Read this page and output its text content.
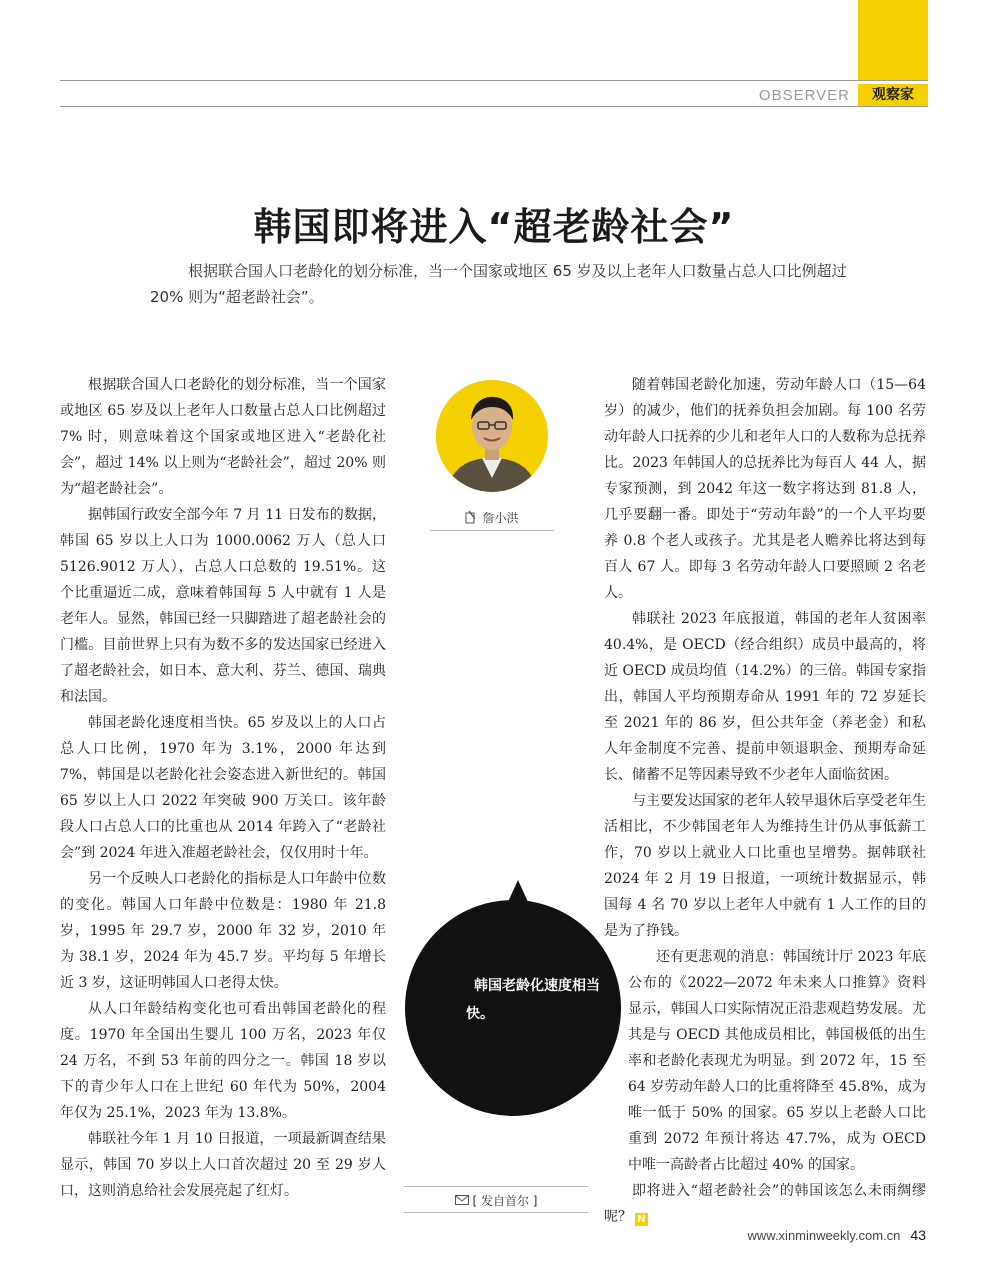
OBSERVER	观察家
韩国即将进入“超老龄社会”
根据联合国人口老龄化的划分标准，当一个国家或地区 65 岁及以上老年人口数量占总人口比例超过 20% 则为“超老龄社会”。

根据联合国人口老龄化的划分标准，当一个国家或地区 65 岁及以上老年人口数量占总人口比例超过 7% 时，则意味着这个国家或地区进入“老龄化社会”，超过 14% 以上则为“老龄社会”，超过 20% 则为“超老龄社会”。

据韩国行政安全部今年 7 月 11 日发布的数据，韩国 65 岁以上人口为 1000.0062 万人（总人口 5126.9012 万人），占总人口总数的 19.51%。这个比重逼近二成，意味着韩国每 5 人中就有 1 人是老年人。显然，韩国已经一只脚踏进了超老龄社会的门槛。目前世界上只有为数不多的发达国家已经进入了超老龄社会，如日本、意大利、芬兰、德国、瑞典和法国。

韩国老龄化速度相当快。65 岁及以上的人口占总人口比例，1970 年为 3.1%，2000 年达到 7%，韩国是以老龄化社会姿态进入新世纪的。韩国 65 岁以上人口 2022 年突破 900 万关口。该年龄段人口占总人口的比重也从 2014 年跨入了“老龄社会”到 2024 年进入准超老龄社会，仅仅用时十年。

另一个反映人口老龄化的指标是人口年龄中位数的变化。韩国人口年龄中位数是：1980 年 21.8 岁，1995 年 29.7 岁，2000 年 32 岁，2010 年为 38.1 岁，2024 年为 45.7 岁。平均每 5 年增长近 3 岁，这证明韩国人口老得太快。

从人口年龄结构变化也可看出韩国老龄化的程度。1970 年全国出生婴儿 100 万名，2023 年仅 24 万名，不到 53 年前的四分之一。韩国 18 岁以下的青少年人口在上世纪 60 年代为 50%，2004 年仅为 25.1%，2023 年为 13.8%。

韩联社今年 1 月 10 日报道，一项最新调查结果显示，韩国 70 岁以上人口首次超过 20 至 29 岁人口，这则消息给社会发展亮起了红灯。

詹小洪
韩国老龄化速度相当快。

随着韩国老龄化加速，劳动年龄人口（15—64 岁）的减少，他们的抚养负担会加剧。每 100 名劳动年龄人口抚养的少儿和老年人口的人数称为总抚养比。2023 年韩国人的总抚养比为每百人 44 人，据专家预测，到 2042 年这一数字将达到 81.8 人，几乎要翻一番。即处于“劳动年龄”的一个人平均要养 0.8 个老人或孩子。尤其是老人赡养比将达到每百人 67 人。即每 3 名劳动年龄人口要照顾 2 名老人。

韩联社 2023 年底报道，韩国的老年人贫困率 40.4%，是 OECD（经合组织）成员中最高的，将近 OECD 成员均值（14.2%）的三倍。韩国专家指出，韩国人平均预期寿命从 1991 年的 72 岁延长至 2021 年的 86 岁，但公共年金（养老金）和私人年金制度不完善、提前申领退职金、预期寿命延长、储蓄不足等因素导致不少老年人面临贫困。

与主要发达国家的老年人较早退休后享受老年生活相比，不少韩国老年人为维持生计仍从事低薪工作，70 岁以上就业人口比重也呈增势。据韩联社 2024 年 2 月 19 日报道，一项统计数据显示，韩国每 4 名 70 岁以上老年人中就有 1 人工作的目的是为了挣钱。

还有更悲观的消息：韩国统计厅 2023 年底公布的《2022—2072 年未来人口推算》资料显示，韩国人口实际情况正沿悲观趋势发展。尤其是与 OECD 其他成员相比，韩国极低的出生率和老龄化表现尤为明显。到 2072 年，15 至 64 岁劳动年龄人口的比重将降至 45.8%，成为唯一低于 50% 的国家。65 岁以上老龄人口比重到 2072 年预计将达 47.7%，成为 OECD 中唯一高龄者占比超过 40% 的国家。

即将进入“超老龄社会”的韩国该怎么未雨绸缪呢？ N

[ 发自首尔 ]
www.xinminweekly.com.cn 43
